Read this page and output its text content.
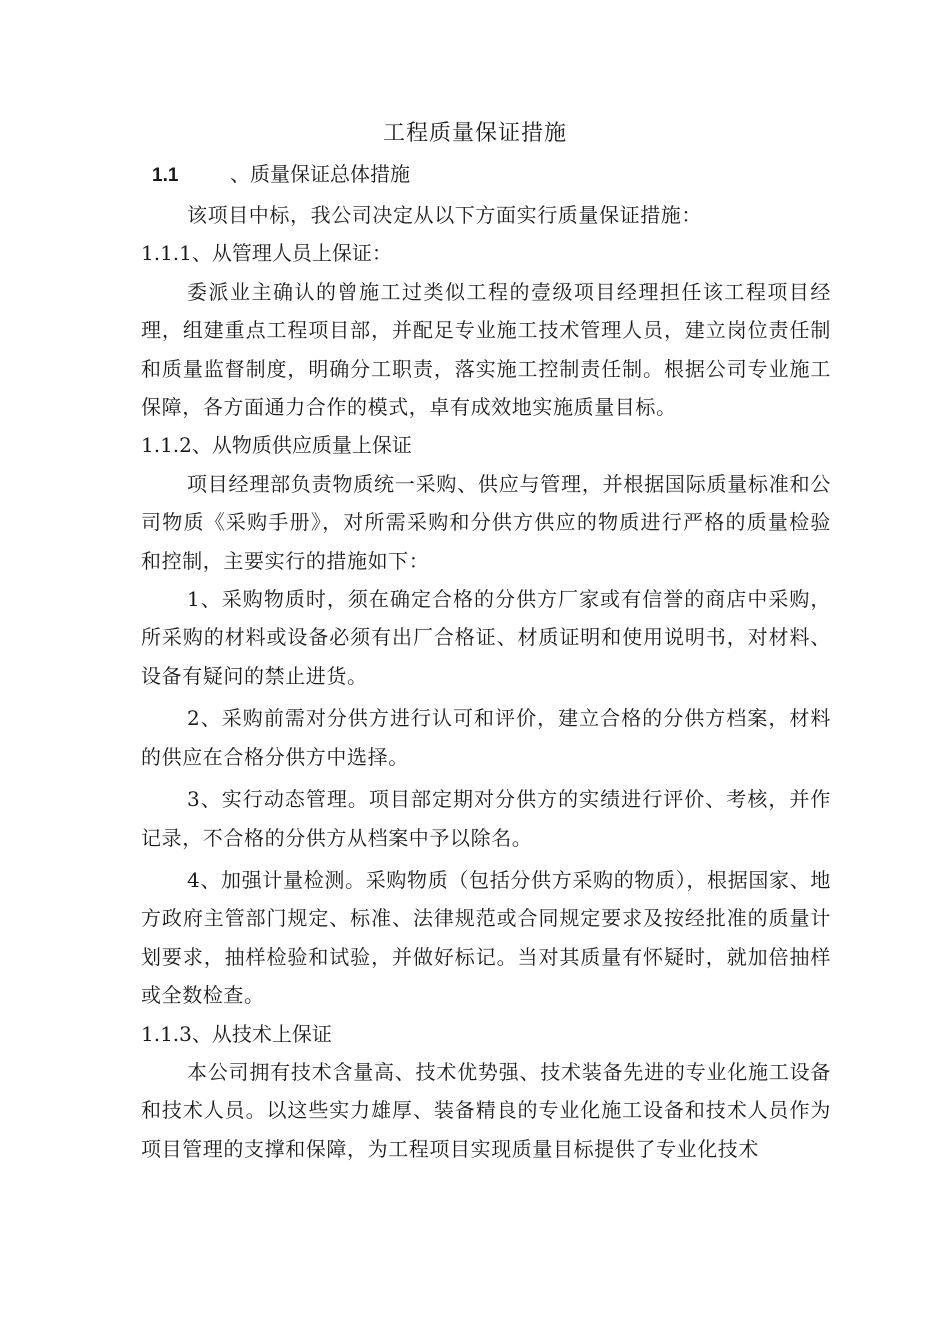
工程质量保证措施
1.1	、质量保证总体措施

该项目中标，我公司决定从以下方面实行质量保证措施：

1.1.1、从管理人员上保证：

委派业主确认的曾施工过类似工程的壹级项目经理担任该工程项目经理，组建重点工程项目部，并配足专业施工技术管理人员，建立岗位责任制和质量监督制度，明确分工职责，落实施工控制责任制。根据公司专业施工保障，各方面通力合作的模式，卓有成效地实施质量目标。

1.1.2、从物质供应质量上保证

项目经理部负责物质统一采购、供应与管理，并根据国际质量标准和公司物质《采购手册》，对所需采购和分供方供应的物质进行严格的质量检验和控制，主要实行的措施如下：

1、采购物质时，须在确定合格的分供方厂家或有信誉的商店中采购，所采购的材料或设备必须有出厂合格证、材质证明和使用说明书，对材料、设备有疑问的禁止进货。

2、采购前需对分供方进行认可和评价，建立合格的分供方档案，材料的供应在合格分供方中选择。

3、实行动态管理。项目部定期对分供方的实绩进行评价、考核，并作记录，不合格的分供方从档案中予以除名。

4、加强计量检测。采购物质（包括分供方采购的物质），根据国家、地方政府主管部门规定、标准、法律规范或合同规定要求及按经批准的质量计划要求，抽样检验和试验，并做好标记。当对其质量有怀疑时，就加倍抽样或全数检查。

1.1.3、从技术上保证

本公司拥有技术含量高、技术优势强、技术装备先进的专业化施工设备和技术人员。以这些实力雄厚、装备精良的专业化施工设备和技术人员作为项目管理的支撑和保障，为工程项目实现质量目标提供了专业化技术
